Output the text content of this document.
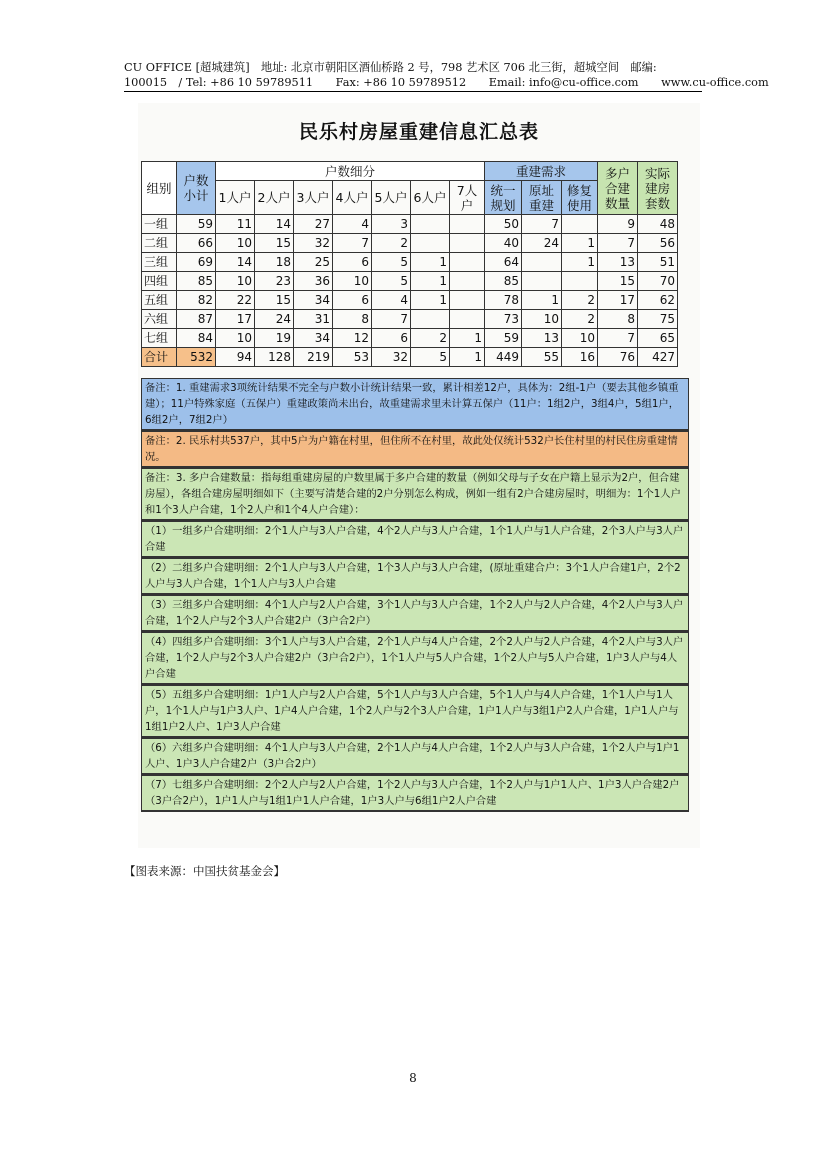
CU OFFICE [超城建筑]　地址: 北京市朝阳区酒仙桥路 2 号，798 艺术区 706 北三街，超城空间　邮编:
100015　/ Tel: +86 10 59789511　　Fax: +86 10 59789512　　Email: info@cu-office.com　　www.cu-office.com
民乐村房屋重建信息汇总表
组别	户数小计	户数细分							重建需求			多户合建数量	实际建房套数
		1人户	2人户	3人户	4人户	5人户	6人户	7人户	统一规划	原址重建	修复使用		
一组	59	11	14	27	4	3			50	7		9	48
二组	66	10	15	32	7	2			40	24	1	7	56
三组	69	14	18	25	6	5	1		64		1	13	51
四组	85	10	23	36	10	5	1		85			15	70
五组	82	22	15	34	6	4	1		78	1	2	17	62
六组	87	17	24	31	8	7			73	10	2	8	75
七组	84	10	19	34	12	6	2	1	59	13	10	7	65
合计	532	94	128	219	53	32	5	1	449	55	16	76	427
备注：1. 重建需求3项统计结果不完全与户数小计统计结果一致，累计相差12户，具体为：2组-1户（要去其他乡镇重建）；11户特殊家庭（五保户）重建政策尚未出台，故重建需求里未计算五保户（11户：1组2户，3组4户，5组1户，6组2户，7组2户）
备注：2. 民乐村共537户，其中5户为户籍在村里，但住所不在村里，故此处仅统计532户长住村里的村民住房重建情况。
备注：3. 多户合建数量：指每组重建房屋的户数里属于多户合建的数量（例如父母与子女在户籍上显示为2户，但合建房屋），各组合建房屋明细如下（主要写清楚合建的2户分别怎么构成，例如一组有2户合建房屋时，明细为：1个1人户和1个3人户合建，1个2人户和1个4人户合建）：
（1）一组多户合建明细：2个1人户与3人户合建，4个2人户与3人户合建，1个1人户与1人户合建，2个3人户与3人户合建
（2）二组多户合建明细：2个1人户与3人户合建，1个3人户与3人户合建，(原址重建合户：3个1人户合建1户，2个2人户与3人户合建，1个1人户与3人户合建
（3）三组多户合建明细：4个1人户与2人户合建，3个1人户与3人户合建，1个2人户与2人户合建，4个2人户与3人户合建，1个2人户与2个3人户合建2户（3户合2户）
（4）四组多户合建明细：3个1人户与3人户合建，2个1人户与4人户合建，2个2人户与2人户合建，4个2人户与3人户合建，1个2人户与2个3人户合建2户（3户合2户），1个1人户与5人户合建，1个2人户与5人户合建，1户3人户与4人户合建
（5）五组多户合建明细：1户1人户与2人户合建，5个1人户与3人户合建，5个1人户与4人户合建，1个1人户与1人户，1个1人户与1户3人户、1户4人户合建，1个2人户与2个3人户合建，1户1人户与3组1户2人户合建，1户1人户与1组1户2人户、1户3人户合建
（6）六组多户合建明细：4个1人户与3人户合建，2个1人户与4人户合建，1个2人户与3人户合建，1个2人户与1户1人户、1户3人户合建2户（3户合2户）
（7）七组多户合建明细：2个2人户与2人户合建，1个2人户与3人户合建，1个2人户与1户1人户、1户3人户合建2户（3户合2户），1户1人户与1组1户1人户合建，1户3人户与6组1户2人户合建
【图表来源：中国扶贫基金会】
8
